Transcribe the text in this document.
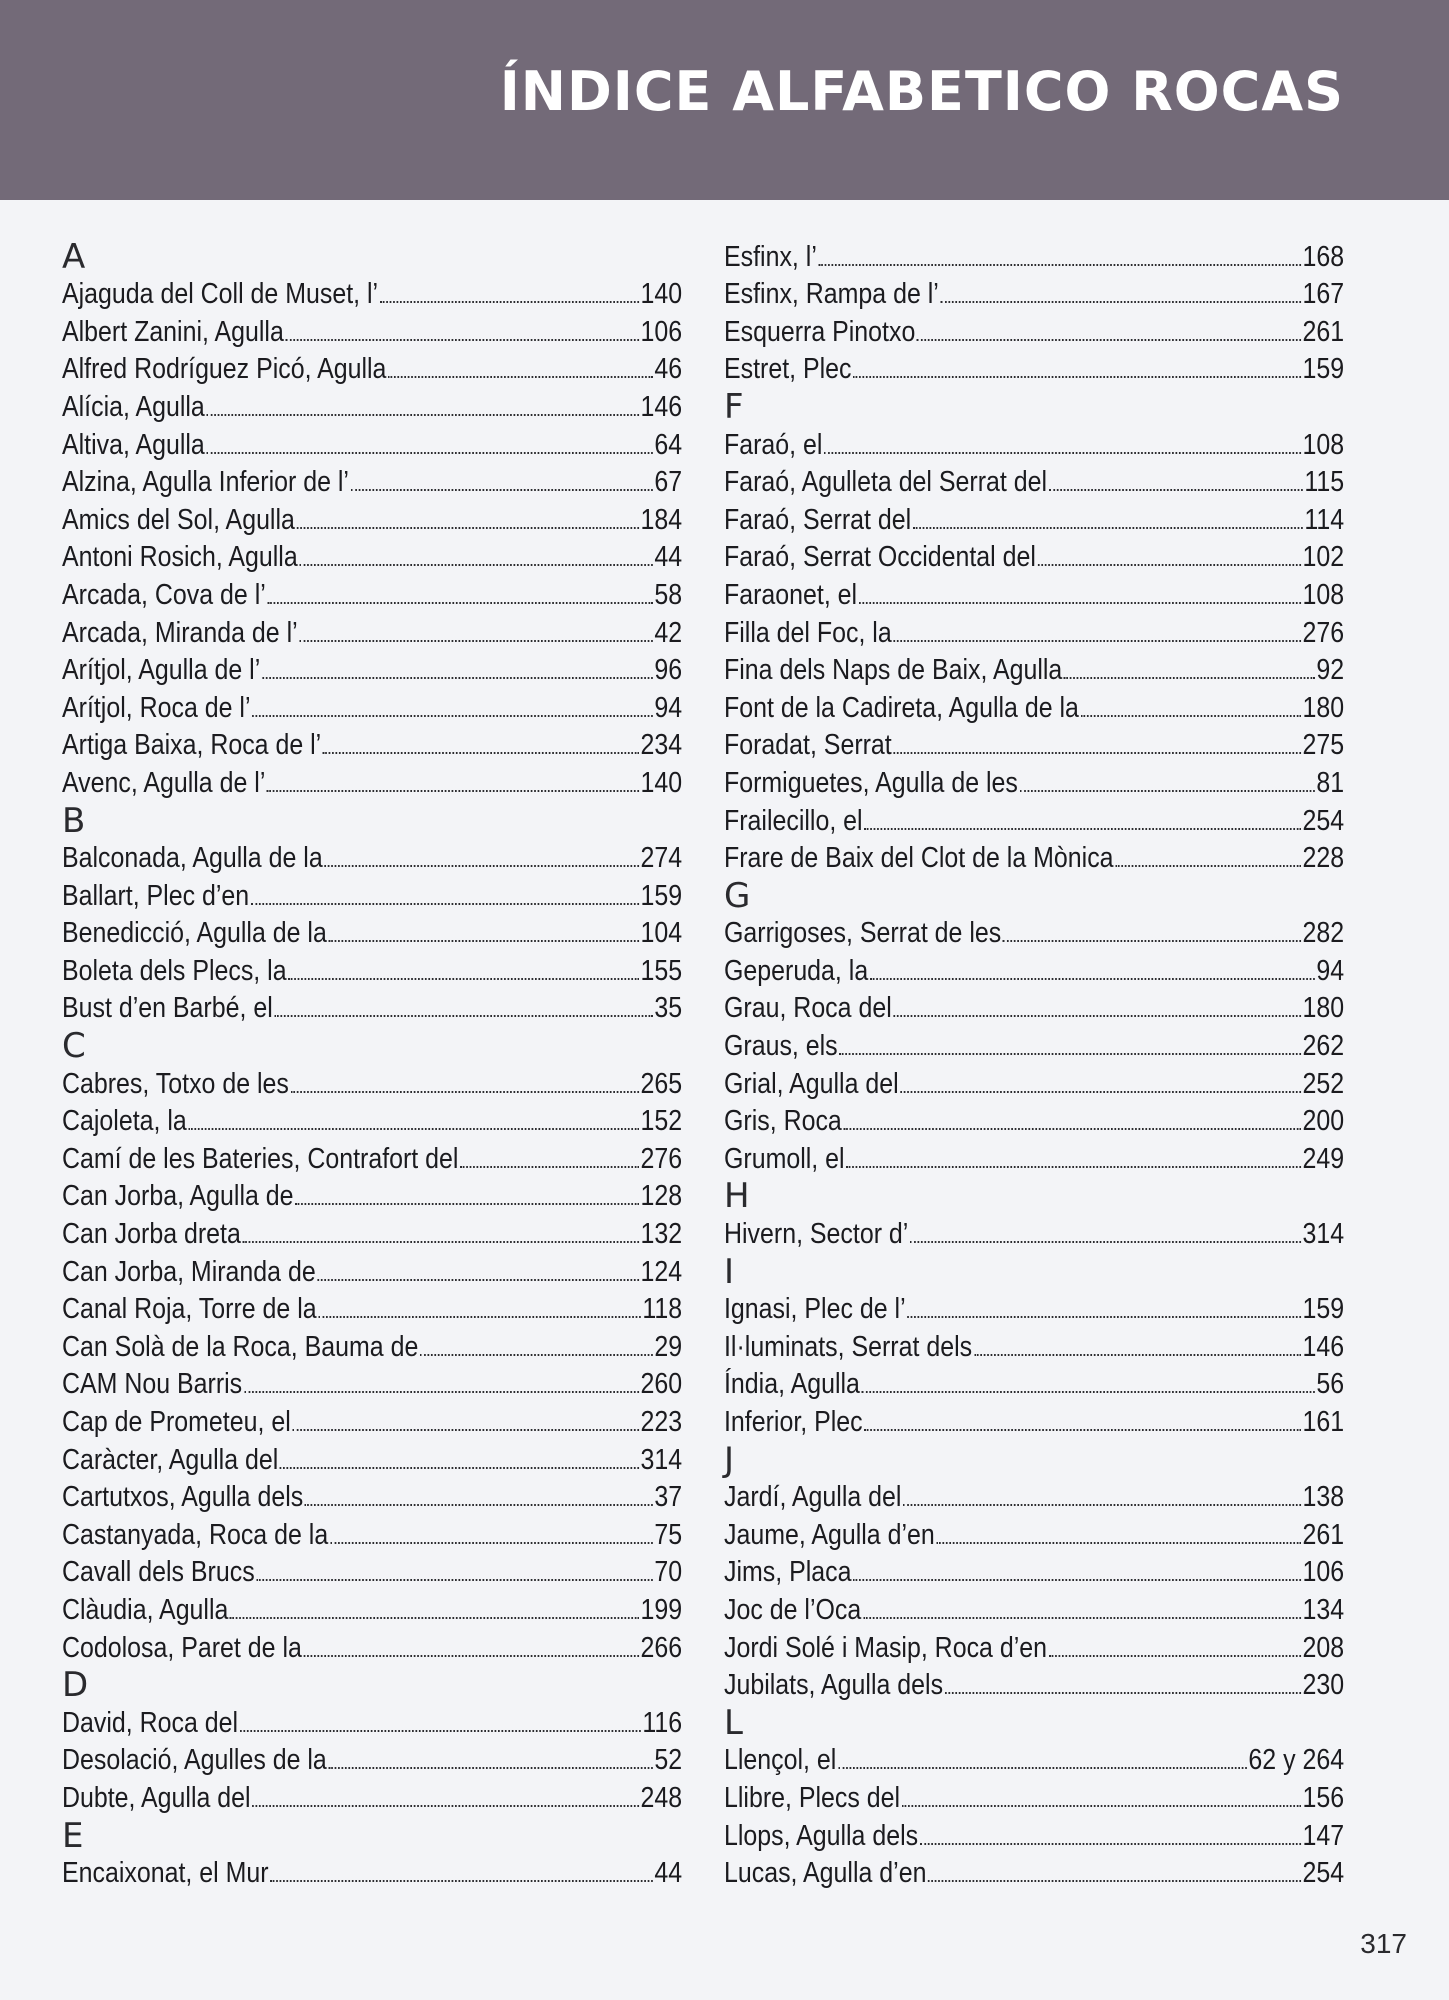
ÍNDICE ALFABETICO ROCAS
A
Ajaguda del Coll de Muset, l’	140
Albert Zanini, Agulla	106
Alfred Rodríguez Picó, Agulla	46
Alícia, Agulla	146
Altiva, Agulla	64
Alzina, Agulla Inferior de l’	67
Amics del Sol, Agulla	184
Antoni Rosich, Agulla	44
Arcada, Cova de l’	58
Arcada, Miranda de l’	42
Arítjol, Agulla de l’	96
Arítjol, Roca de l’	94
Artiga Baixa, Roca de l’	234
Avenc, Agulla de l’	140
B
Balconada, Agulla de la	274
Ballart, Plec d’en	159
Benedicció, Agulla de la	104
Boleta dels Plecs, la	155
Bust d’en Barbé, el	35
C
Cabres, Totxo de les	265
Cajoleta, la	152
Camí de les Bateries, Contrafort del	276
Can Jorba, Agulla de	128
Can Jorba dreta	132
Can Jorba, Miranda de	124
Canal Roja, Torre de la	118
Can Solà de la Roca, Bauma de	29
CAM Nou Barris	260
Cap de Prometeu, el	223
Caràcter, Agulla del	314
Cartutxos, Agulla dels	37
Castanyada, Roca de la	75
Cavall dels Brucs	70
Clàudia, Agulla	199
Codolosa, Paret de la	266
D
David, Roca del	116
Desolació, Agulles de la	52
Dubte, Agulla del	248
E
Encaixonat, el Mur	44
Esfinx, l’	168
Esfinx, Rampa de l’	167
Esquerra Pinotxo	261
Estret, Plec	159
F
Faraó, el	108
Faraó, Agulleta del Serrat del	115
Faraó, Serrat del	114
Faraó, Serrat Occidental del	102
Faraonet, el	108
Filla del Foc, la	276
Fina dels Naps de Baix, Agulla	92
Font de la Cadireta, Agulla de la	180
Foradat, Serrat	275
Formiguetes, Agulla de les	81
Frailecillo, el	254
Frare de Baix del Clot de la Mònica	228
G
Garrigoses, Serrat de les	282
Geperuda, la	94
Grau, Roca del	180
Graus, els	262
Grial, Agulla del	252
Gris, Roca	200
Grumoll, el	249
H
Hivern, Sector d’	314
I
Ignasi, Plec de l’	159
Il·luminats, Serrat dels	146
Índia, Agulla	56
Inferior, Plec	161
J
Jardí, Agulla del	138
Jaume, Agulla d’en	261
Jims, Placa	106
Joc de l’Oca	134
Jordi Solé i Masip, Roca d’en	208
Jubilats, Agulla dels	230
L
Llençol, el	62 y 264
Llibre, Plecs del	156
Llops, Agulla dels	147
Lucas, Agulla d’en	254
317
